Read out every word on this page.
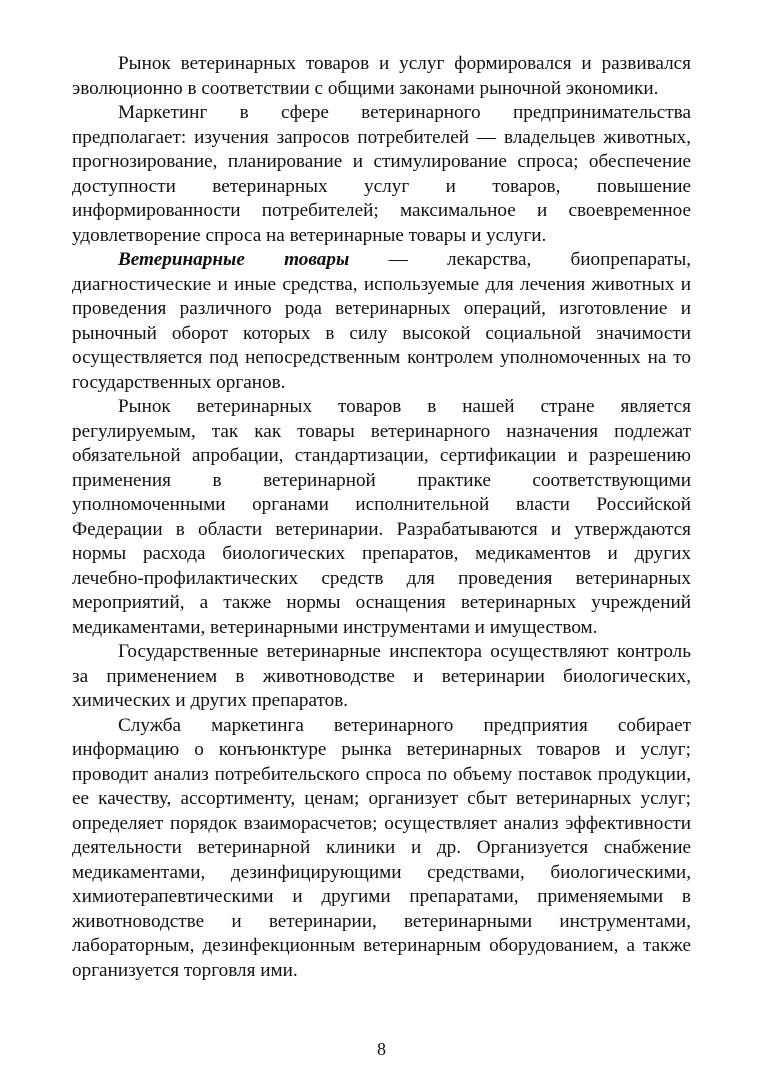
Рынок ветеринарных товаров и услуг формировался и развивался эволюционно в соответствии с общими законами рыночной экономики.

Маркетинг в сфере ветеринарного предпринимательства предполагает: изучения запросов потребителей — владельцев животных, прогнозирование, планирование и стимулирование спроса; обеспечение доступности ветеринарных услуг и товаров, повышение информированности потребителей; максимальное и своевременное удовлетворение спроса на ветеринарные товары и услуги.

Ветеринарные товары — лекарства, биопрепараты, диагностические и иные средства, используемые для лечения животных и проведения различного рода ветеринарных операций, изготовление и рыночный оборот которых в силу высокой социальной значимости осуществляется под непосредственным контролем уполномоченных на то государственных органов.

Рынок ветеринарных товаров в нашей стране является регулируемым, так как товары ветеринарного назначения подлежат обязательной апробации, стандартизации, сертификации и разрешению применения в ветеринарной практике соответствующими уполномоченными органами исполнительной власти Российской Федерации в области ветеринарии. Разрабатываются и утверждаются нормы расхода биологических препаратов, медикаментов и других лечебно-профилактических средств для проведения ветеринарных мероприятий, а также нормы оснащения ветеринарных учреждений медикаментами, ветеринарными инструментами и имуществом.

Государственные ветеринарные инспектора осуществляют контроль за применением в животноводстве и ветеринарии биологических, химических и других препаратов.

Служба маркетинга ветеринарного предприятия собирает информацию о конъюнктуре рынка ветеринарных товаров и услуг; проводит анализ потребительского спроса по объему поставок продукции, ее качеству, ассортименту, ценам; организует сбыт ветеринарных услуг; определяет порядок взаиморасчетов; осуществляет анализ эффективности деятельности ветеринарной клиники и др. Организуется снабжение медикаментами, дезинфицирующими средствами, биологическими, химиотерапевтическими и другими препаратами, применяемыми в животноводстве и ветеринарии, ветеринарными инструментами, лабораторным, дезинфекционным ветеринарным оборудованием, а также организуется торговля ими.

8
